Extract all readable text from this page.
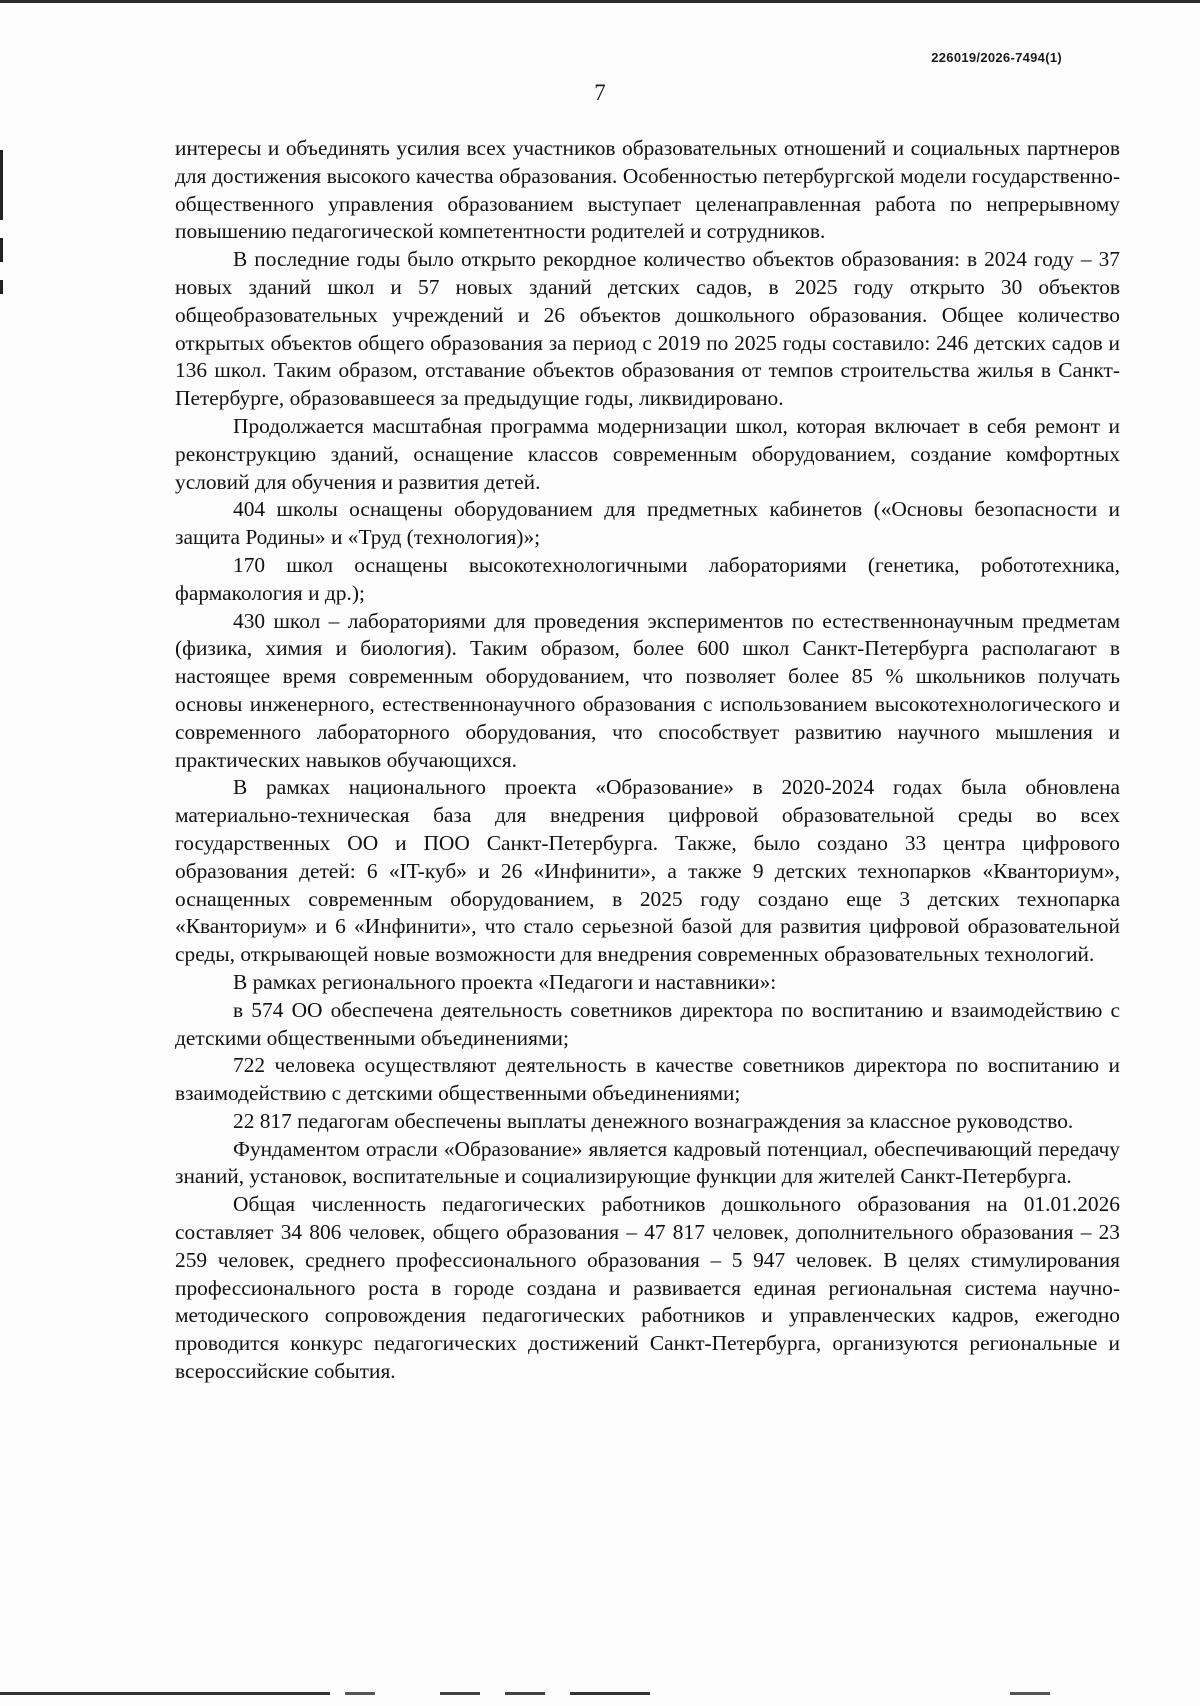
226019/2026-7494(1)
7

интересы и объединять усилия всех участников образовательных отношений и социальных партнеров для достижения высокого качества образования. Особенностью петербургской модели государственно-общественного управления образованием выступает целенаправленная работа по непрерывному повышению педагогической компетентности родителей и сотрудников.

В последние годы было открыто рекордное количество объектов образования: в 2024 году – 37 новых зданий школ и 57 новых зданий детских садов, в 2025 году открыто 30 объектов общеобразовательных учреждений и 26 объектов дошкольного образования. Общее количество открытых объектов общего образования за период с 2019 по 2025 годы составило: 246 детских садов и 136 школ. Таким образом, отставание объектов образования от темпов строительства жилья в Санкт-Петербурге, образовавшееся за предыдущие годы, ликвидировано.

Продолжается масштабная программа модернизации школ, которая включает в себя ремонт и реконструкцию зданий, оснащение классов современным оборудованием, создание комфортных условий для обучения и развития детей.

404 школы оснащены оборудованием для предметных кабинетов («Основы безопасности и защита Родины» и «Труд (технология)»;

170 школ оснащены высокотехнологичными лабораториями (генетика, робототехника, фармакология и др.);

430 школ – лабораториями для проведения экспериментов по естественнонаучным предметам (физика, химия и биология). Таким образом, более 600 школ Санкт-Петербурга располагают в настоящее время современным оборудованием, что позволяет более 85 % школьников получать основы инженерного, естественнонаучного образования с использованием высокотехнологического и современного лабораторного оборудования, что способствует развитию научного мышления и практических навыков обучающихся.

В рамках национального проекта «Образование» в 2020-2024 годах была обновлена материально-техническая база для внедрения цифровой образовательной среды во всех государственных ОО и ПОО Санкт-Петербурга. Также, было создано 33 центра цифрового образования детей: 6 «IT-куб» и 26 «Инфинити», а также 9 детских технопарков «Кванториум», оснащенных современным оборудованием, в 2025 году создано еще 3 детских технопарка «Кванториум» и 6 «Инфинити», что стало серьезной базой для развития цифровой образовательной среды, открывающей новые возможности для внедрения современных образовательных технологий.

В рамках регионального проекта «Педагоги и наставники»:

в 574 ОО обеспечена деятельность советников директора по воспитанию и взаимодействию с детскими общественными объединениями;

722 человека осуществляют деятельность в качестве советников директора по воспитанию и взаимодействию с детскими общественными объединениями;

22 817 педагогам обеспечены выплаты денежного вознаграждения за классное руководство.

Фундаментом отрасли «Образование» является кадровый потенциал, обеспечивающий передачу знаний, установок, воспитательные и социализирующие функции для жителей Санкт-Петербурга.

Общая численность педагогических работников дошкольного образования на 01.01.2026 составляет 34 806 человек, общего образования – 47 817 человек, дополнительного образования – 23 259 человек, среднего профессионального образования – 5 947 человек. В целях стимулирования профессионального роста в городе создана и развивается единая региональная система научно-методического сопровождения педагогических работников и управленческих кадров, ежегодно проводится конкурс педагогических достижений Санкт-Петербурга, организуются региональные и всероссийские события.
